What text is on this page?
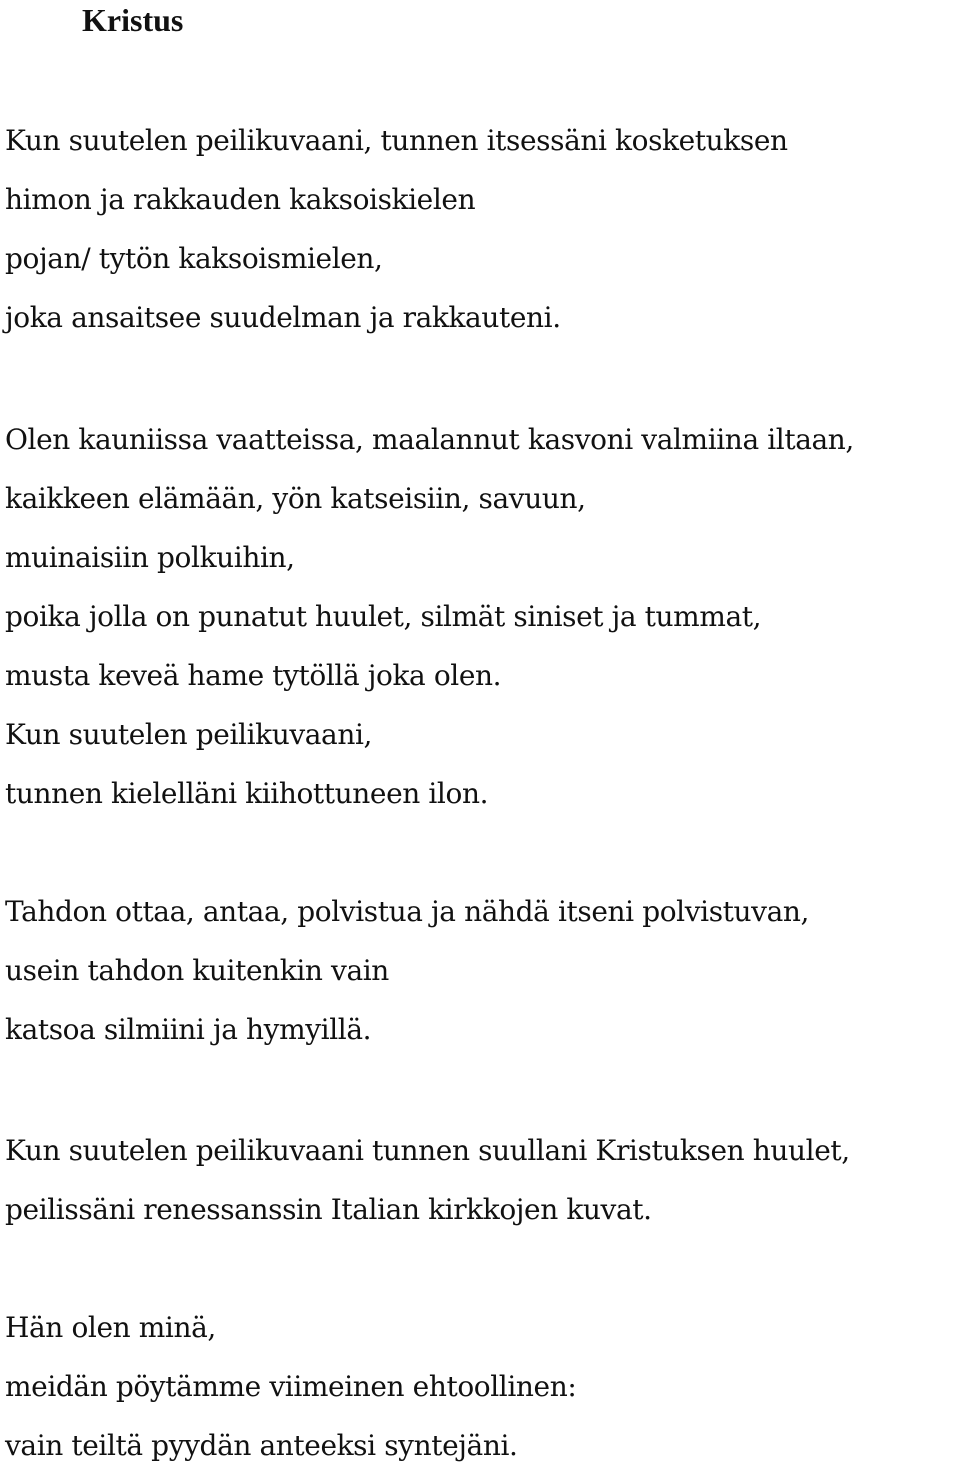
Kristus
Kun suutelen peilikuvaani, tunnen itsessäni kosketuksen
himon ja rakkauden kaksoiskielen
pojan/ tytön kaksoismielen,
joka ansaitsee suudelman ja rakkauteni.
Olen kauniissa vaatteissa, maalannut kasvoni valmiina iltaan,
kaikkeen elämään, yön katseisiin, savuun,
muinaisiin polkuihin,
poika jolla on punatut huulet, silmät siniset ja tummat,
musta keveä hame tytöllä joka olen.
Kun suutelen peilikuvaani,
tunnen kielelläni kiihottuneen ilon.
Tahdon ottaa, antaa, polvistua ja nähdä itseni polvistuvan,
usein tahdon kuitenkin vain
katsoa silmiini ja hymyillä.
Kun suutelen peilikuvaani tunnen suullani Kristuksen huulet,
peilissäni renessanssin Italian kirkkojen kuvat.
Hän olen minä,
meidän pöytämme viimeinen ehtoollinen:
vain teiltä pyydän anteeksi syntejäni.
